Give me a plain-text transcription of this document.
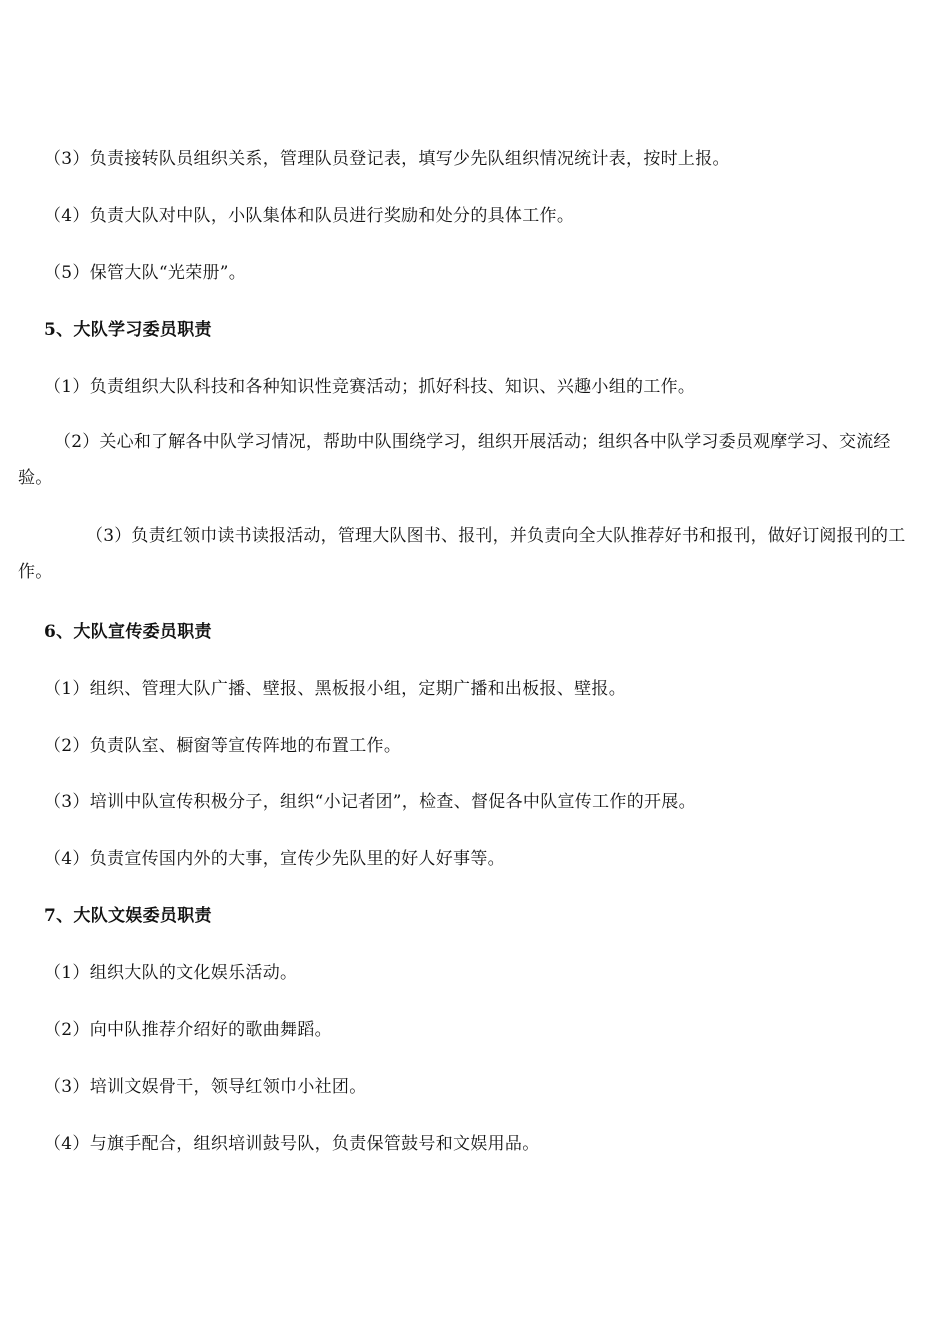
（3）负责接转队员组织关系，管理队员登记表，填写少先队组织情况统计表，按时上报。
（4）负责大队对中队，小队集体和队员进行奖励和处分的具体工作。
（5）保管大队“光荣册”。
5、大队学习委员职责
（1）负责组织大队科技和各种知识性竞赛活动；抓好科技、知识、兴趣小组的工作。
（2）关心和了解各中队学习情况，帮助中队围绕学习，组织开展活动；组织各中队学习委员观摩学习、交流经验。
（3）负责红领巾读书读报活动，管理大队图书、报刊，并负责向全大队推荐好书和报刊，做好订阅报刊的工作。
6、大队宣传委员职责
（1）组织、管理大队广播、壁报、黑板报小组，定期广播和出板报、壁报。
（2）负责队室、橱窗等宣传阵地的布置工作。
（3）培训中队宣传积极分子，组织“小记者团”，检查、督促各中队宣传工作的开展。
（4）负责宣传国内外的大事，宣传少先队里的好人好事等。
7、大队文娱委员职责
（1）组织大队的文化娱乐活动。
（2）向中队推荐介绍好的歌曲舞蹈。
（3）培训文娱骨干，领导红领巾小社团。
（4）与旗手配合，组织培训鼓号队，负责保管鼓号和文娱用品。
